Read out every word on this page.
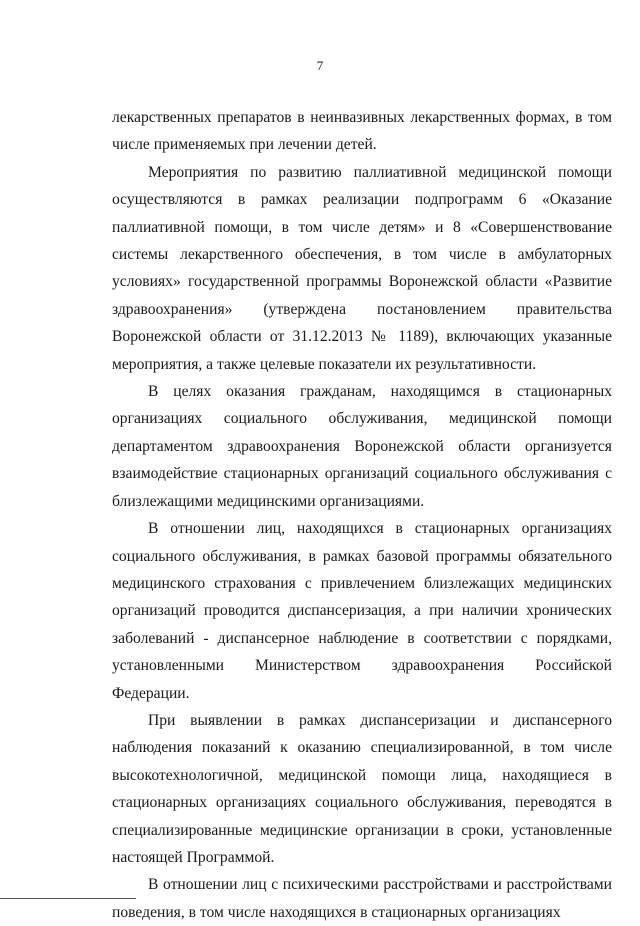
7

лекарственных препаратов в неинвазивных лекарственных формах, в том числе применяемых при лечении детей.

Мероприятия по развитию паллиативной медицинской помощи осуществляются в рамках реализации подпрограмм 6 «Оказание паллиативной помощи, в том числе детям» и 8 «Совершенствование системы лекарственного обеспечения, в том числе в амбулаторных условиях» государственной программы Воронежской области «Развитие здравоохранения» (утверждена постановлением правительства Воронежской области от 31.12.2013 № 1189), включающих указанные мероприятия, а также целевые показатели их результативности.

В целях оказания гражданам, находящимся в стационарных организациях социального обслуживания, медицинской помощи департаментом здравоохранения Воронежской области организуется взаимодействие стационарных организаций социального обслуживания с близлежащими медицинскими организациями.

В отношении лиц, находящихся в стационарных организациях социального обслуживания, в рамках базовой программы обязательного медицинского страхования с привлечением близлежащих медицинских организаций проводится диспансеризация, а при наличии хронических заболеваний - диспансерное наблюдение в соответствии с порядками, установленными Министерством здравоохранения Российской Федерации.

При выявлении в рамках диспансеризации и диспансерного наблюдения показаний к оказанию специализированной, в том числе высокотехнологичной, медицинской помощи лица, находящиеся в стационарных организациях социального обслуживания, переводятся в специализированные медицинские организации в сроки, установленные настоящей Программой.

В отношении лиц с психическими расстройствами и расстройствами поведения, в том числе находящихся в стационарных организациях
